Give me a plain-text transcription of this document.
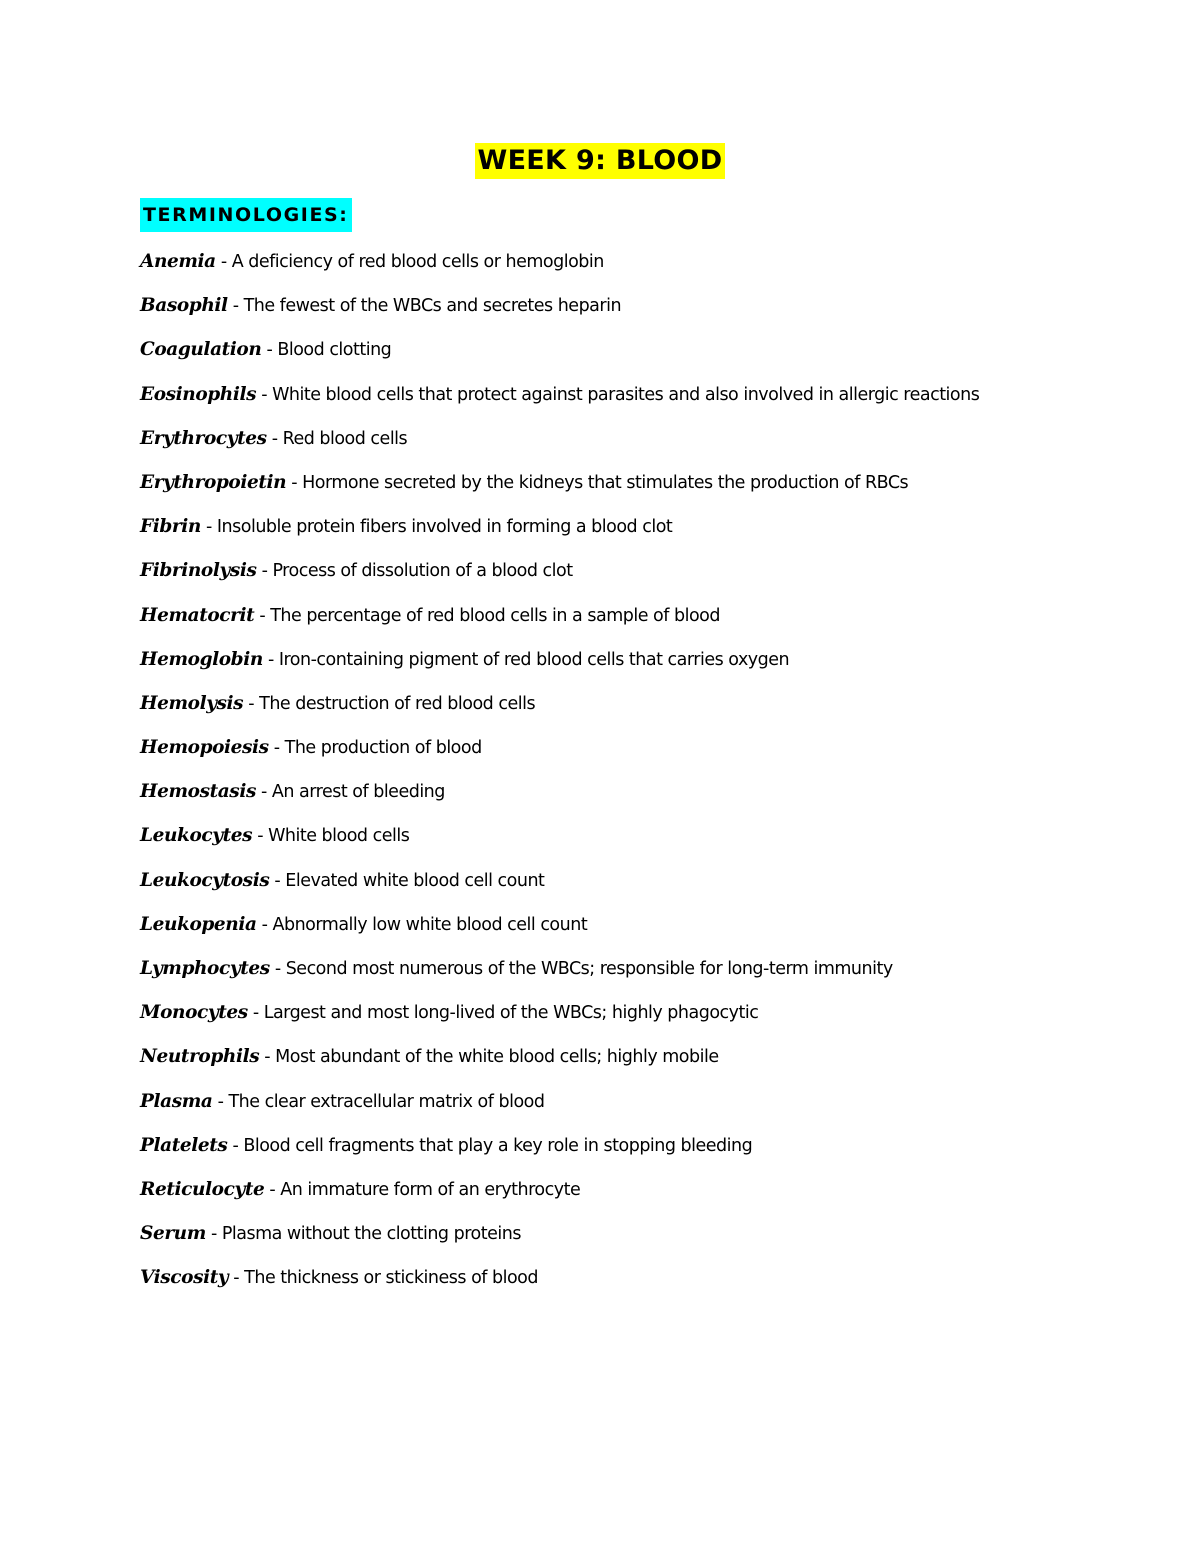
WEEK 9: BLOOD
TERMINOLOGIES:
Anemia - A deficiency of red blood cells or hemoglobin
Basophil - The fewest of the WBCs and secretes heparin
Coagulation - Blood clotting
Eosinophils - White blood cells that protect against parasites and also involved in allergic reactions
Erythrocytes - Red blood cells
Erythropoietin - Hormone secreted by the kidneys that stimulates the production of RBCs
Fibrin - Insoluble protein fibers involved in forming a blood clot
Fibrinolysis - Process of dissolution of a blood clot
Hematocrit - The percentage of red blood cells in a sample of blood
Hemoglobin - Iron-containing pigment of red blood cells that carries oxygen
Hemolysis - The destruction of red blood cells
Hemopoiesis - The production of blood
Hemostasis - An arrest of bleeding
Leukocytes - White blood cells
Leukocytosis - Elevated white blood cell count
Leukopenia - Abnormally low white blood cell count
Lymphocytes - Second most numerous of the WBCs; responsible for long-term immunity
Monocytes - Largest and most long-lived of the WBCs; highly phagocytic
Neutrophils - Most abundant of the white blood cells; highly mobile
Plasma - The clear extracellular matrix of blood
Platelets - Blood cell fragments that play a key role in stopping bleeding
Reticulocyte - An immature form of an erythrocyte
Serum - Plasma without the clotting proteins
Viscosity - The thickness or stickiness of blood
